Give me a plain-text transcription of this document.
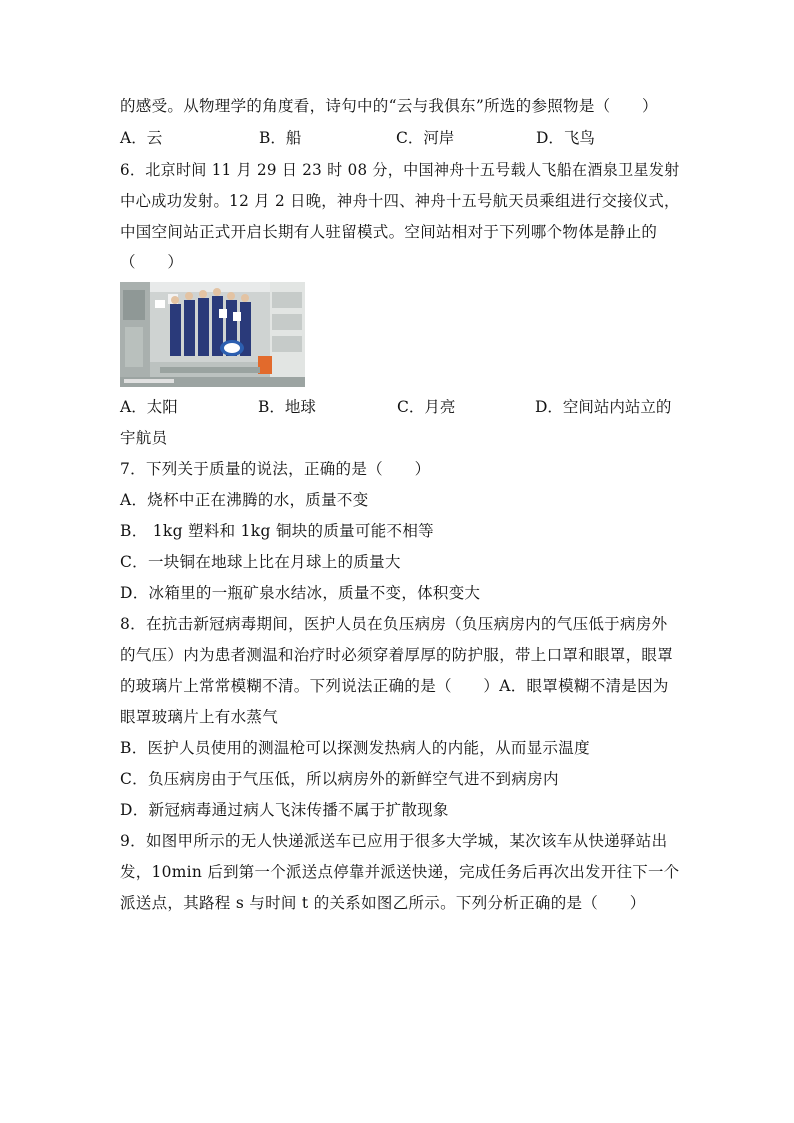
的感受。从物理学的角度看，诗句中的“云与我俱东”所选的参照物是（　　）
A．云	B．船	C．河岸	D．飞鸟
6．北京时间 11 月 29 日 23 时 08 分，中国神舟十五号载人飞船在酒泉卫星发射
中心成功发射。12 月 2 日晚，神舟十四、神舟十五号航天员乘组进行交接仪式，
中国空间站正式开启长期有人驻留模式。空间站相对于下列哪个物体是静止的
（　　）
A．太阳	B．地球	C．月亮	D．空间站内站立的
宇航员
7．下列关于质量的说法，正确的是（　　）
A．烧杯中正在沸腾的水，质量不变
B． 1kg 塑料和 1kg 铜块的质量可能不相等
C．一块铜在地球上比在月球上的质量大
D．冰箱里的一瓶矿泉水结冰，质量不变，体积变大
8．在抗击新冠病毒期间，医护人员在负压病房（负压病房内的气压低于病房外
的气压）内为患者测温和治疗时必须穿着厚厚的防护服，带上口罩和眼罩，眼罩
的玻璃片上常常模糊不清。下列说法正确的是（　　）A．眼罩模糊不清是因为
眼罩玻璃片上有水蒸气
B．医护人员使用的测温枪可以探测发热病人的内能，从而显示温度
C．负压病房由于气压低，所以病房外的新鲜空气进不到病房内
D．新冠病毒通过病人飞沫传播不属于扩散现象
9．如图甲所示的无人快递派送车已应用于很多大学城，某次该车从快递驿站出
发，10min 后到第一个派送点停靠并派送快递，完成任务后再次出发开往下一个
派送点，其路程 s 与时间 t 的关系如图乙所示。下列分析正确的是（　　）
